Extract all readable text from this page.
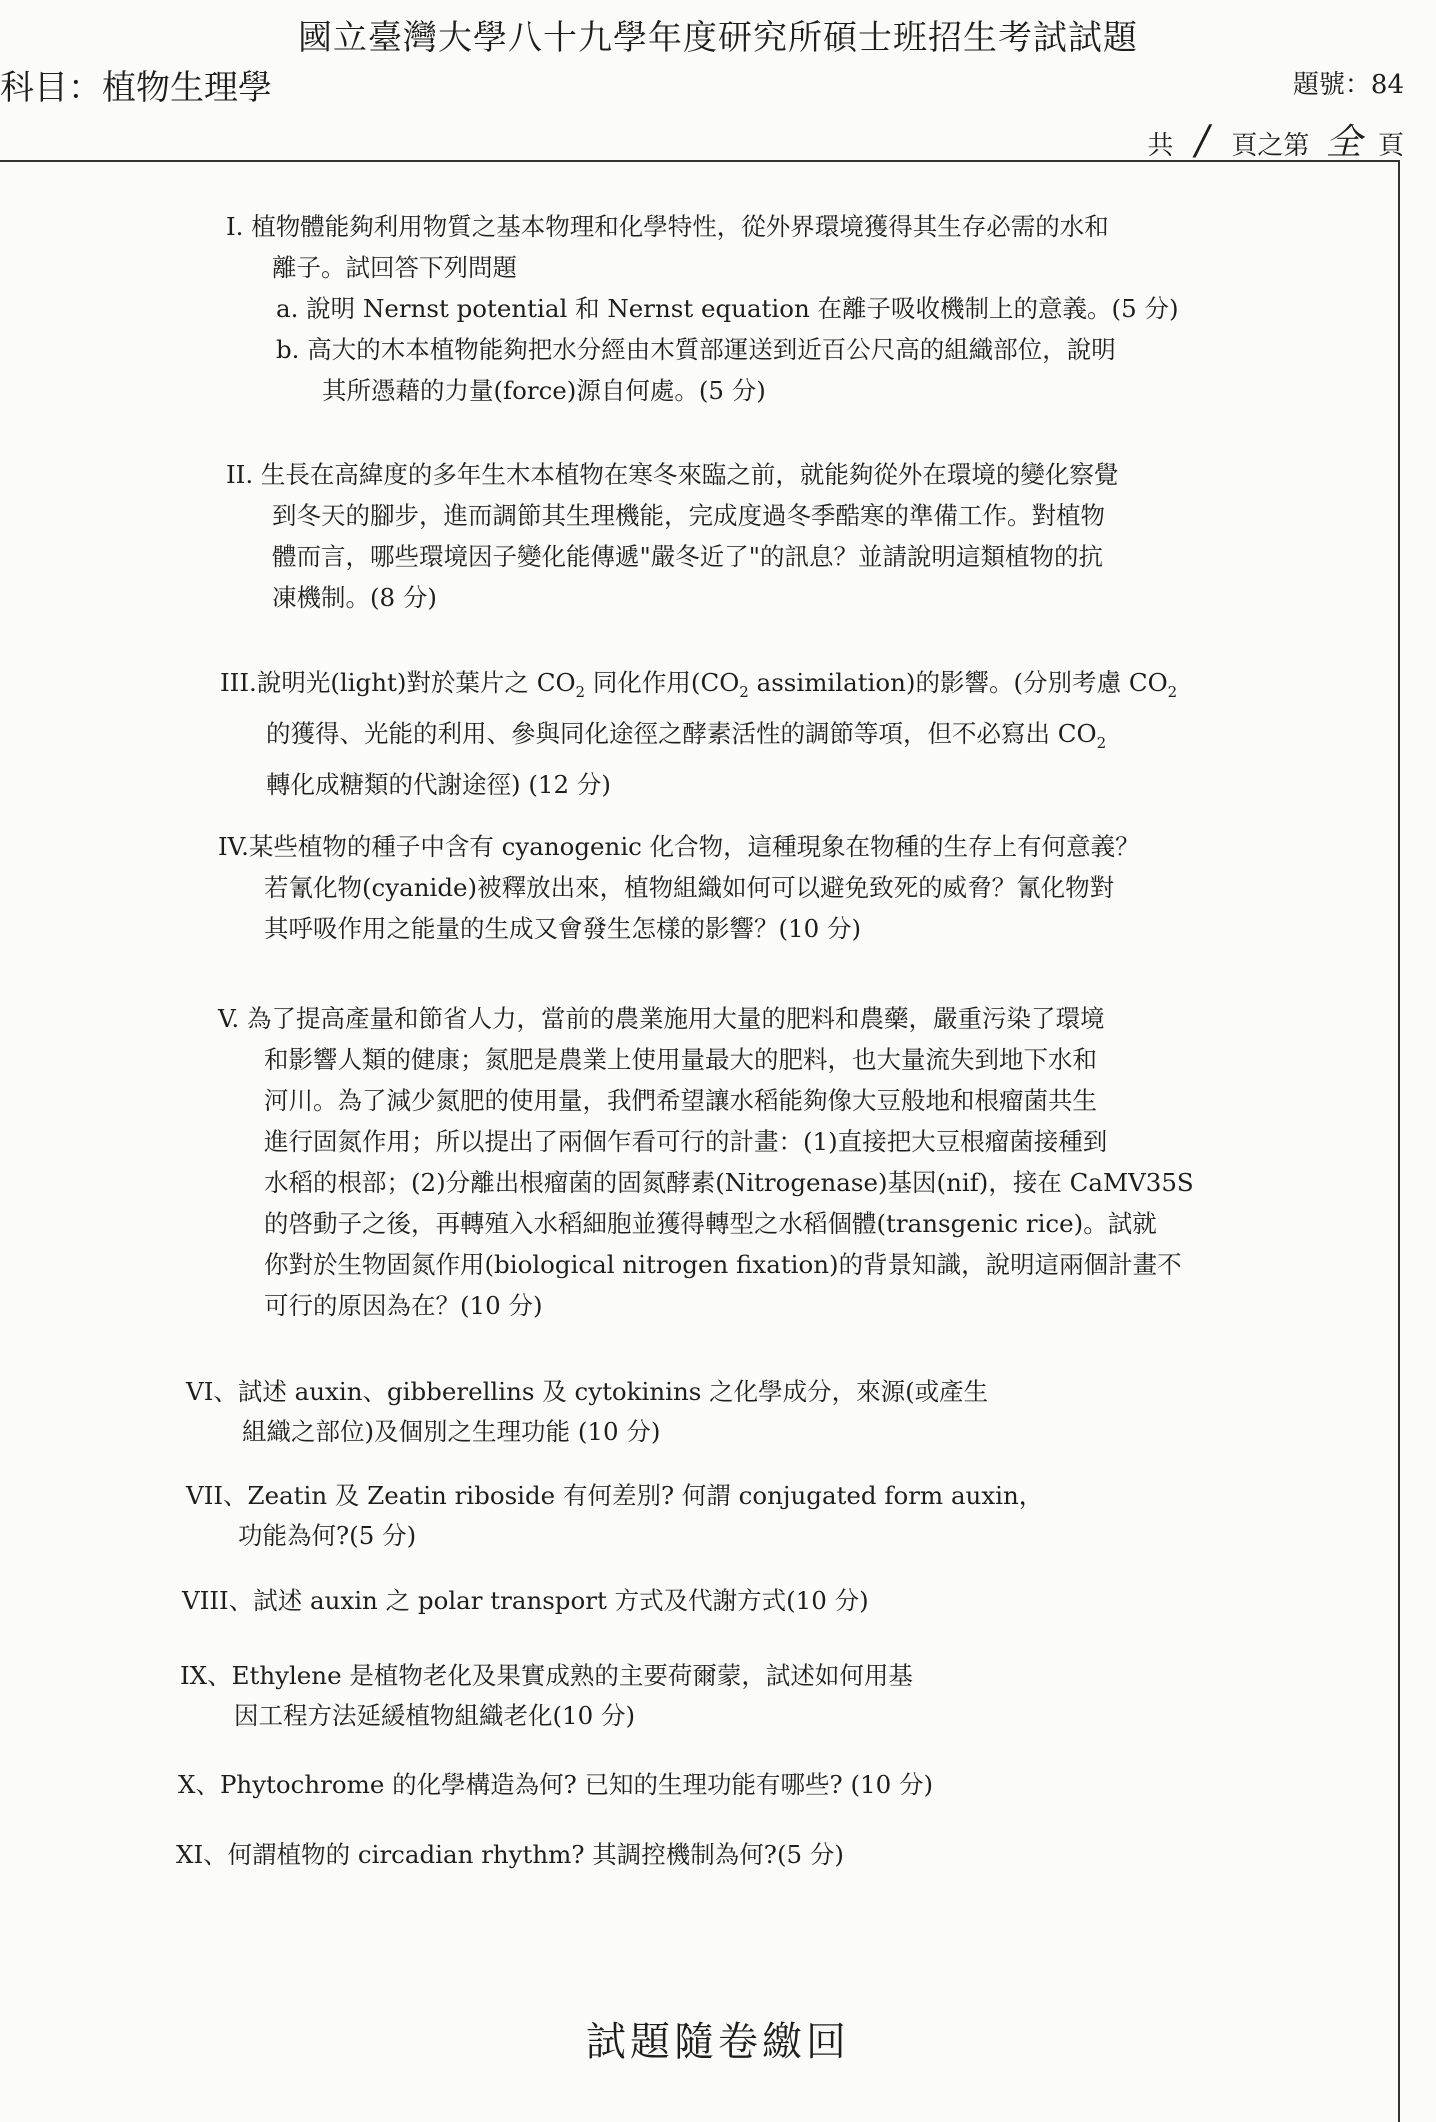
國立臺灣大學八十九學年度研究所碩士班招生考試試題
科目：植物生理學	題號：84
共 / 頁之第 全 頁

I. 植物體能夠利用物質之基本物理和化學特性，從外界環境獲得其生存必需的水和

離子。試回答下列問題

a. 說明 Nernst potential 和 Nernst equation 在離子吸收機制上的意義。(5 分)

b. 高大的木本植物能夠把水分經由木質部運送到近百公尺高的組織部位，說明

其所憑藉的力量(force)源自何處。(5 分)

II. 生長在高緯度的多年生木本植物在寒冬來臨之前，就能夠從外在環境的變化察覺

到冬天的腳步，進而調節其生理機能，完成度過冬季酷寒的準備工作。對植物

體而言，哪些環境因子變化能傳遞"嚴冬近了"的訊息？並請說明這類植物的抗

凍機制。(8 分)

III.說明光(light)對於葉片之 $CO_2$ 同化作用($CO_2$ assimilation)的影響。(分別考慮 $CO_2$

的獲得、光能的利用、參與同化途徑之酵素活性的調節等項，但不必寫出 $CO_2$

轉化成糖類的代謝途徑) (12 分)

IV.某些植物的種子中含有 cyanogenic 化合物，這種現象在物種的生存上有何意義？

若氰化物(cyanide)被釋放出來，植物組織如何可以避免致死的威脅？氰化物對

其呼吸作用之能量的生成又會發生怎樣的影響？(10 分)

V. 為了提高產量和節省人力，當前的農業施用大量的肥料和農藥，嚴重污染了環境

和影響人類的健康；氮肥是農業上使用量最大的肥料，也大量流失到地下水和

河川。為了減少氮肥的使用量，我們希望讓水稻能夠像大豆般地和根瘤菌共生

進行固氮作用；所以提出了兩個乍看可行的計畫：(1)直接把大豆根瘤菌接種到

水稻的根部；(2)分離出根瘤菌的固氮酵素(Nitrogenase)基因(nif)，接在 CaMV35S

的啓動子之後，再轉殖入水稻細胞並獲得轉型之水稻個體(transgenic rice)。試就

你對於生物固氮作用(biological nitrogen fixation)的背景知識，說明這兩個計畫不

可行的原因為在？(10 分)

VI、試述 auxin、gibberellins 及 cytokinins 之化學成分，來源(或產生

組織之部位)及個別之生理功能 (10 分)

VII、Zeatin 及 Zeatin riboside 有何差別? 何謂 conjugated form auxin，

功能為何?(5 分)

VIII、試述 auxin 之 polar transport 方式及代謝方式(10 分)

IX、Ethylene 是植物老化及果實成熟的主要荷爾蒙，試述如何用基

因工程方法延緩植物組織老化(10 分)

X、Phytochrome 的化學構造為何? 已知的生理功能有哪些? (10 分)

XI、何謂植物的 circadian rhythm? 其調控機制為何?(5 分)

試題隨卷繳回
